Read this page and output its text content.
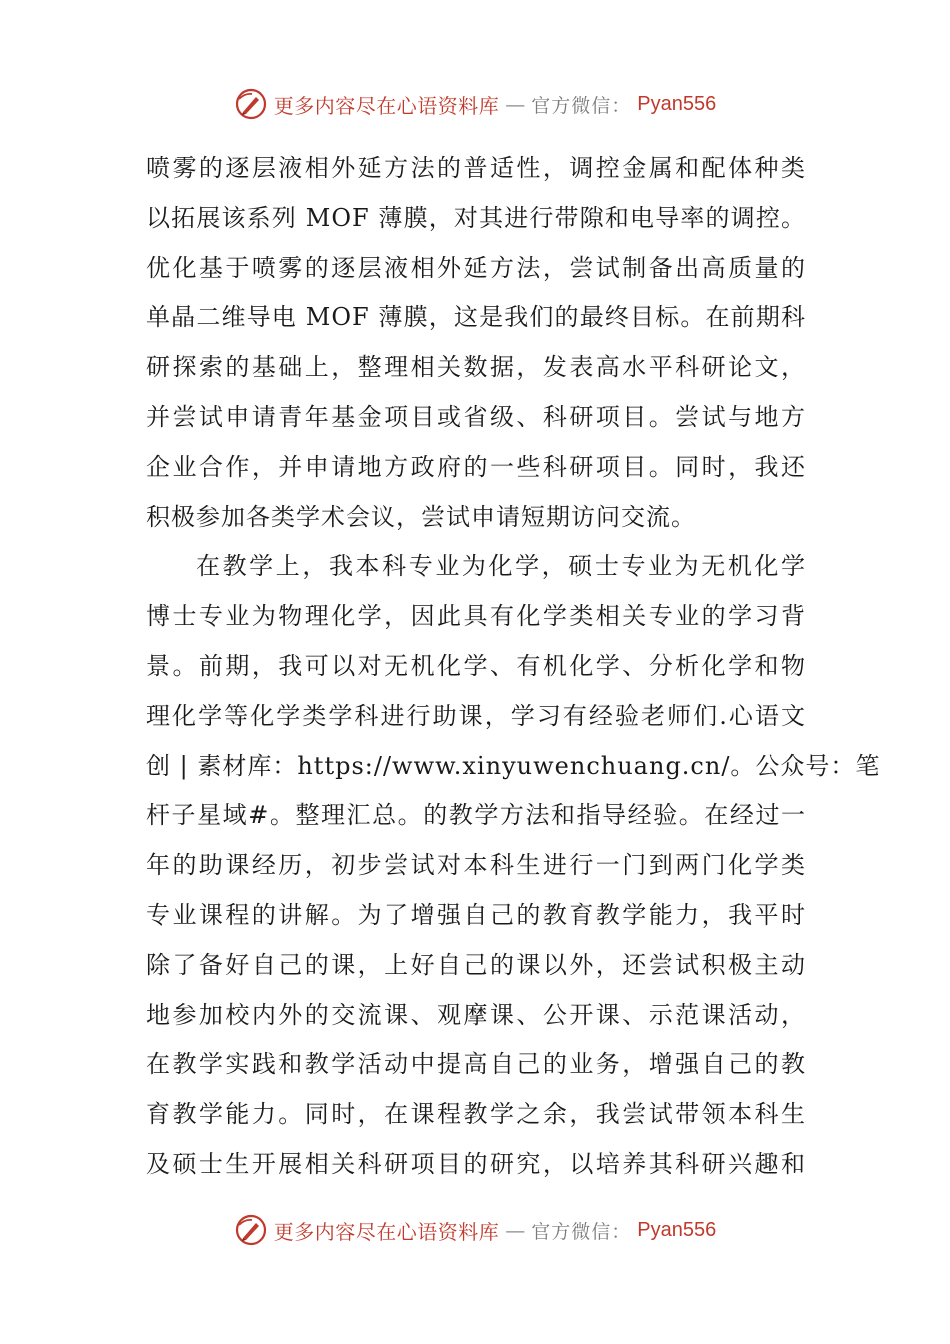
更多内容尽在心语资料库 — 官方微信： Pyan556
喷雾的逐层液相外延方法的普适性，调控金属和配体种类
以拓展该系列 MOF 薄膜，对其进行带隙和电导率的调控。
优化基于喷雾的逐层液相外延方法，尝试制备出高质量的
单晶二维导电 MOF 薄膜，这是我们的最终目标。在前期科
研探索的基础上，整理相关数据，发表高水平科研论文，
并尝试申请青年基金项目或省级、科研项目。尝试与地方
企业合作，并申请地方政府的一些科研项目。同时，我还
积极参加各类学术会议，尝试申请短期访问交流。
在教学上，我本科专业为化学，硕士专业为无机化学
博士专业为物理化学，因此具有化学类相关专业的学习背
景。前期，我可以对无机化学、有机化学、分析化学和物
理化学等化学类学科进行助课，学习有经验老师们.心语文
创 | 素材库：https://www.xinyuwenchuang.cn/。公众号：笔
杆子星域#。整理汇总。的教学方法和指导经验。在经过一
年的助课经历，初步尝试对本科生进行一门到两门化学类
专业课程的讲解。为了增强自己的教育教学能力，我平时
除了备好自己的课，上好自己的课以外，还尝试积极主动
地参加校内外的交流课、观摩课、公开课、示范课活动，
在教学实践和教学活动中提高自己的业务，增强自己的教
育教学能力。同时，在课程教学之余，我尝试带领本科生
及硕士生开展相关科研项目的研究，以培养其科研兴趣和
更多内容尽在心语资料库 — 官方微信： Pyan556
